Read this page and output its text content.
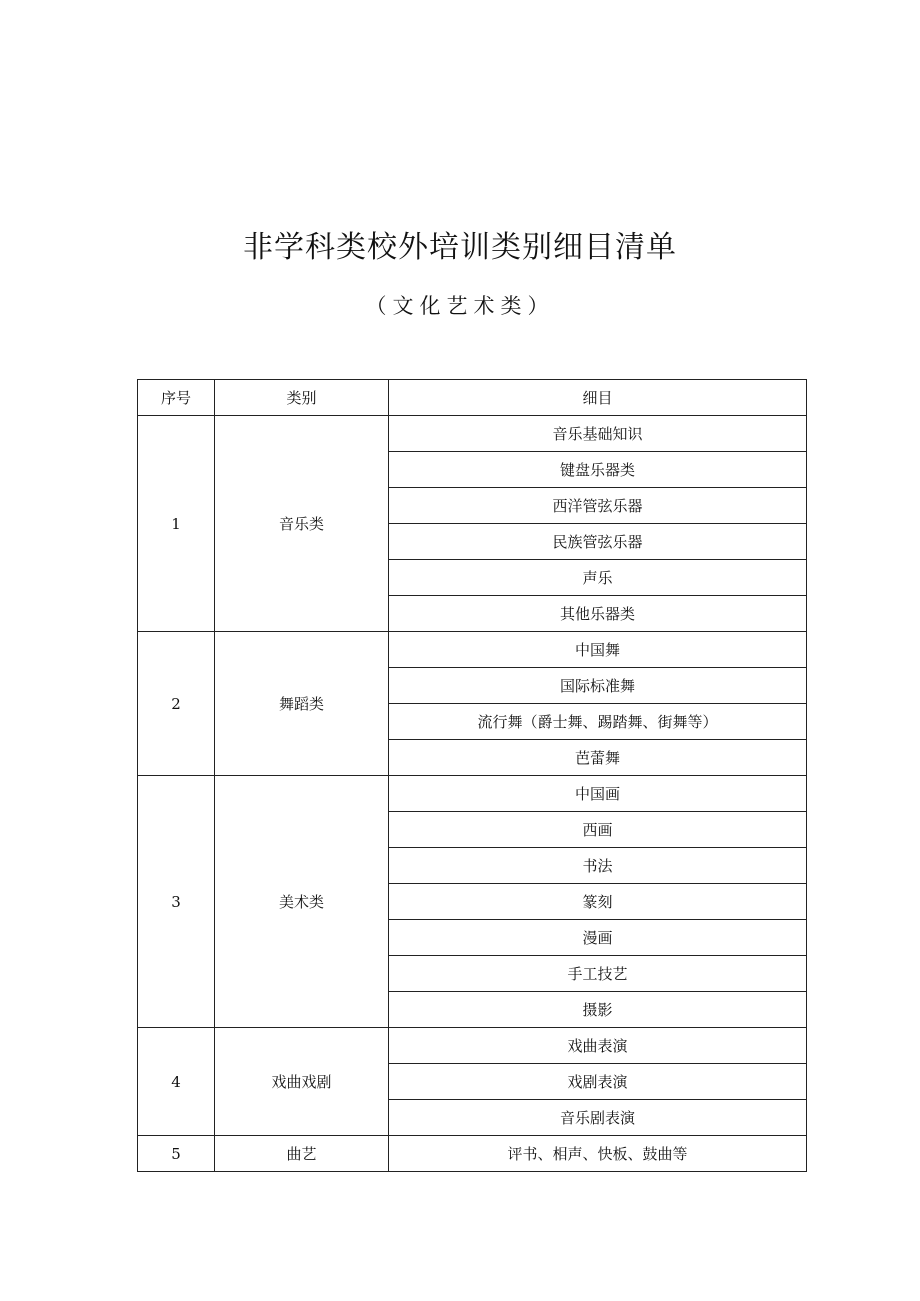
非学科类校外培训类别细目清单
（文化艺术类）
序号	类别	细目
1	音乐类	音乐基础知识
		键盘乐器类
		西洋管弦乐器
		民族管弦乐器
		声乐
		其他乐器类
2	舞蹈类	中国舞
		国际标准舞
		流行舞（爵士舞、踢踏舞、街舞等）
		芭蕾舞
3	美术类	中国画
		西画
		书法
		篆刻
		漫画
		手工技艺
		摄影
4	戏曲戏剧	戏曲表演
		戏剧表演
		音乐剧表演
5	曲艺	评书、相声、快板、鼓曲等
